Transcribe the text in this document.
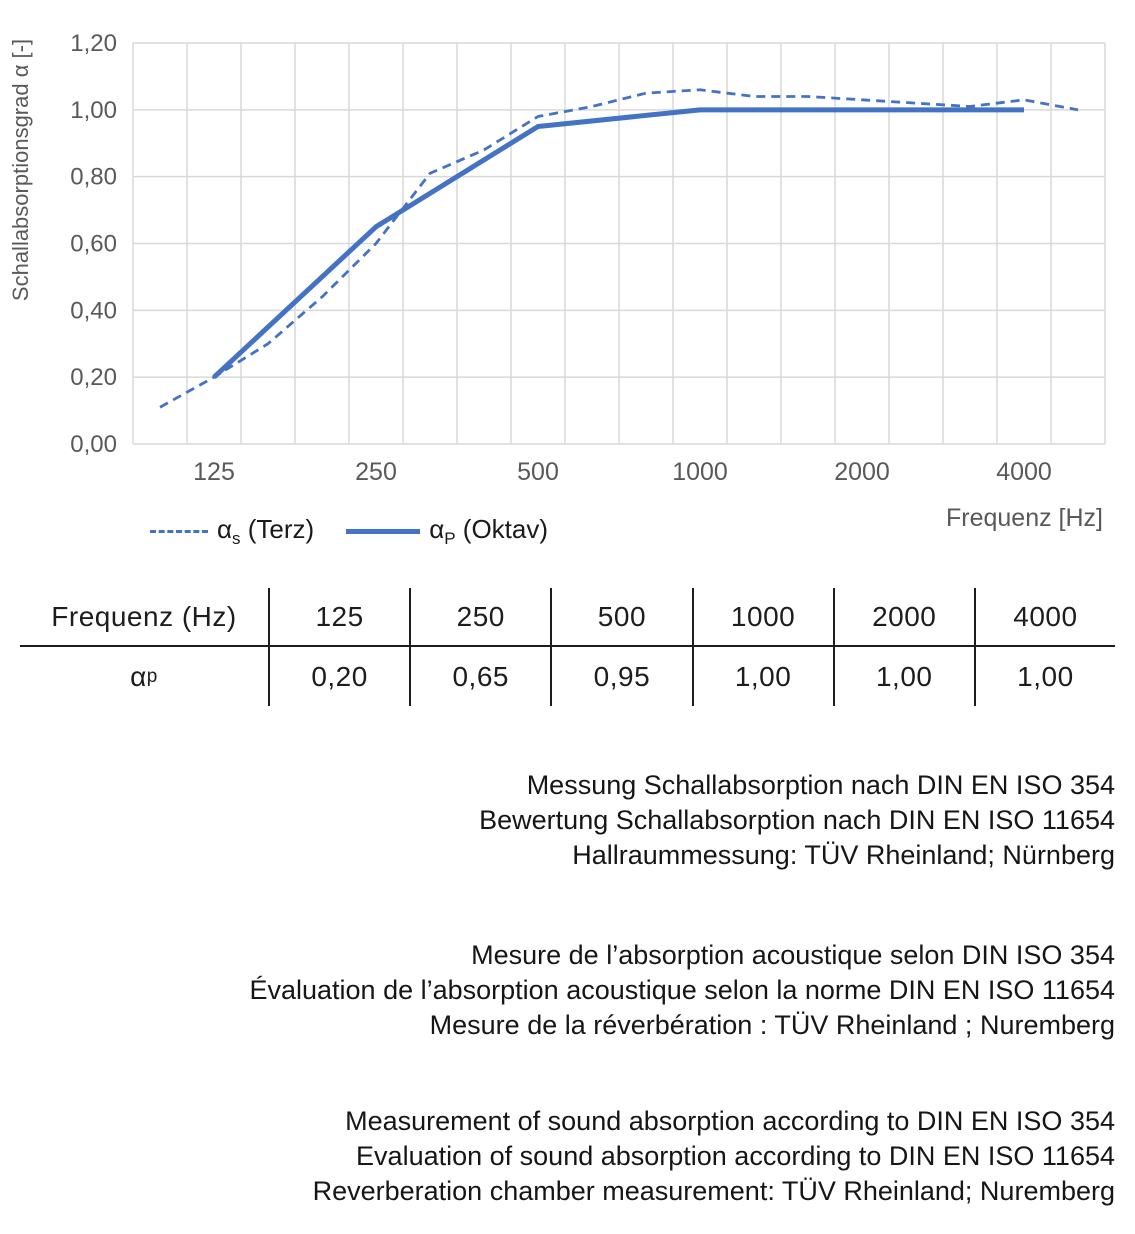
0,00
0,20
0,40
0,60
0,80
1,00
1,20
125	250	500	1000	2000	4000
Schallabsorptionsgrad α [-]
$\alpha_s$ (Terz)	$\alpha_P$ (Oktav)	Frequenz [Hz]
Frequenz (Hz)	125	250	500	1000	2000	4000
α p	0,20	0,65	0,95	1,00	1,00	1,00
Messung Schallabsorption nach DIN EN ISO 354
Bewertung Schallabsorption nach DIN EN ISO 11654
Hallraummessung: TÜV Rheinland; Nürnberg
Mesure de l’absorption acoustique selon DIN ISO 354
Évaluation de l’absorption acoustique selon la norme DIN EN ISO 11654
Mesure de la réverbération : TÜV Rheinland ; Nuremberg
Measurement of sound absorption according to DIN EN ISO 354
Evaluation of sound absorption according to DIN EN ISO 11654
Reverberation chamber measurement: TÜV Rheinland; Nuremberg
